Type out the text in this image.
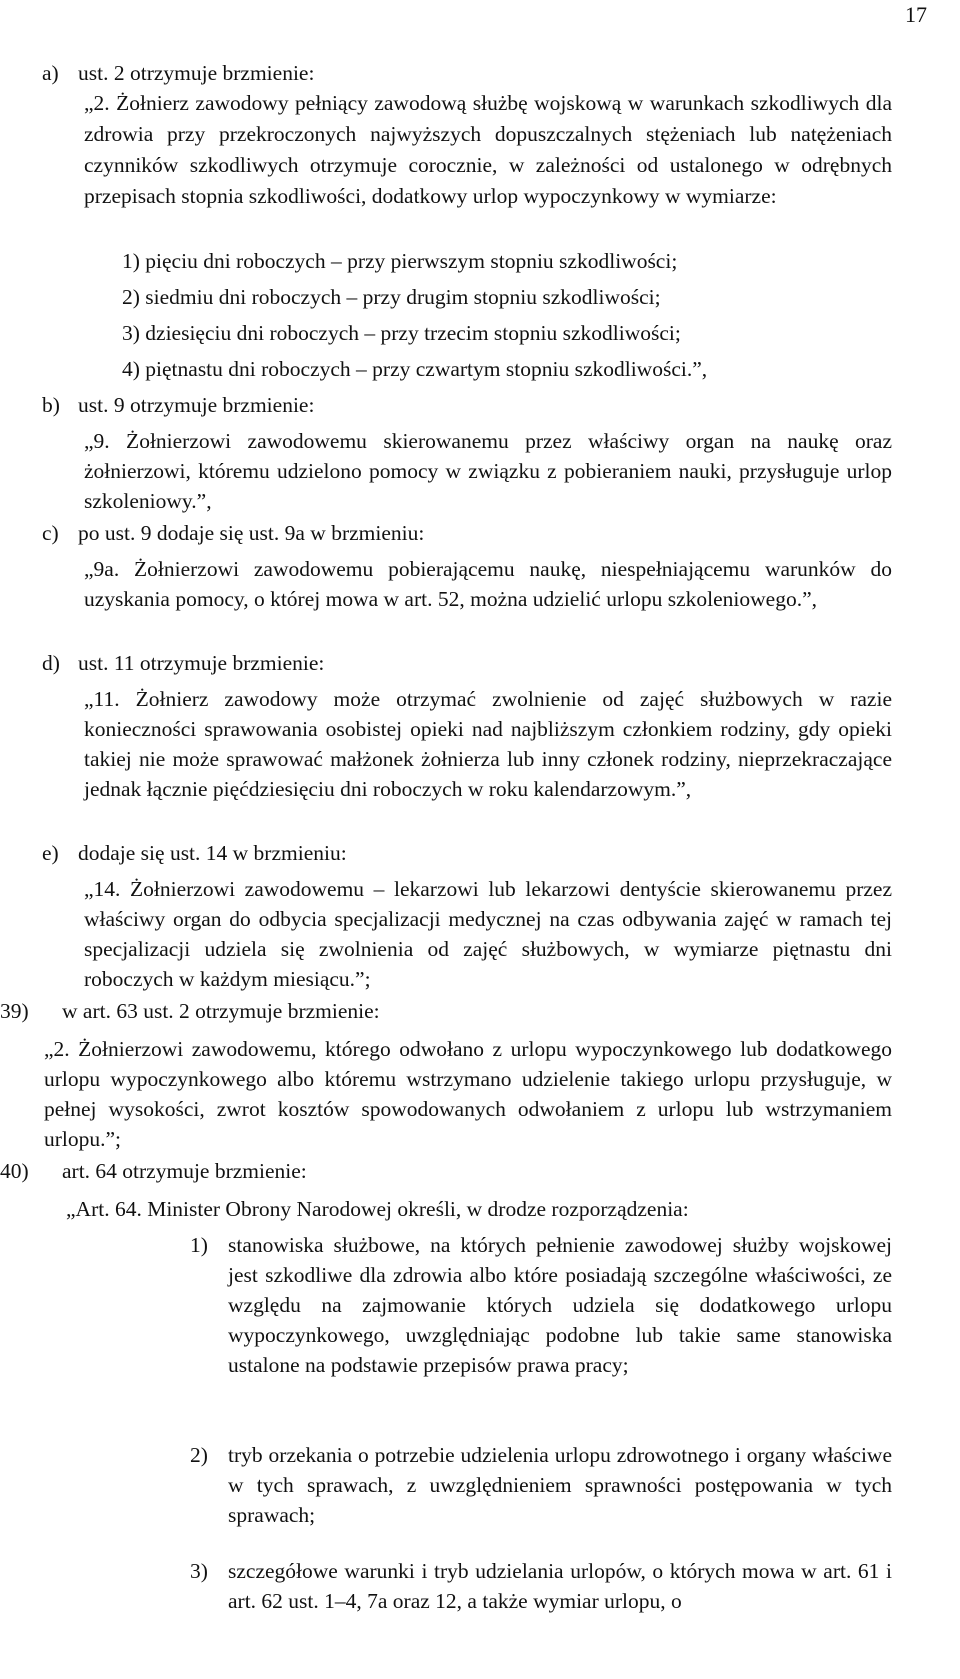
17
a) ust. 2 otrzymuje brzmienie:

„2. Żołnierz zawodowy pełniący zawodową służbę wojskową w warunkach szkodliwych dla zdrowia przy przekroczonych najwyższych dopuszczalnych stężeniach lub natężeniach czynników szkodliwych otrzymuje corocznie, w zależności od ustalonego w odrębnych przepisach stopnia szkodliwości, dodatkowy urlop wypoczynkowy w wymiarze:

1) pięciu dni roboczych – przy pierwszym stopniu szkodliwości;
2) siedmiu dni roboczych – przy drugim stopniu szkodliwości;
3) dziesięciu dni roboczych – przy trzecim stopniu szkodliwości;
4) piętnastu dni roboczych – przy czwartym stopniu szkodliwości.”,
b) ust. 9 otrzymuje brzmienie:

„9. Żołnierzowi zawodowemu skierowanemu przez właściwy organ na naukę oraz żołnierzowi, któremu udzielono pomocy w związku z pobieraniem nauki, przysługuje urlop szkoleniowy.”,

c) po ust. 9 dodaje się ust. 9a w brzmieniu:

„9a. Żołnierzowi zawodowemu pobierającemu naukę, niespełniającemu warunków do uzyskania pomocy, o której mowa w art. 52, można udzielić urlopu szkoleniowego.”,

d) ust. 11 otrzymuje brzmienie:

„11. Żołnierz zawodowy może otrzymać zwolnienie od zajęć służbowych w razie konieczności sprawowania osobistej opieki nad najbliższym członkiem rodziny, gdy opieki takiej nie może sprawować małżonek żołnierza lub inny członek rodziny, nieprzekraczające jednak łącznie pięćdziesięciu dni roboczych w roku kalendarzowym.”,

e) dodaje się ust. 14 w brzmieniu:

„14. Żołnierzowi zawodowemu – lekarzowi lub lekarzowi dentyście skierowanemu przez właściwy organ do odbycia specjalizacji medycznej na czas odbywania zajęć w ramach tej specjalizacji udziela się zwolnienia od zajęć służbowych, w wymiarze piętnastu dni roboczych w każdym miesiącu.”;

39) w art. 63 ust. 2 otrzymuje brzmienie:

„2. Żołnierzowi zawodowemu, którego odwołano z urlopu wypoczynkowego lub dodatkowego urlopu wypoczynkowego albo któremu wstrzymano udzielenie takiego urlopu przysługuje, w pełnej wysokości, zwrot kosztów spowodowanych odwołaniem z urlopu lub wstrzymaniem urlopu.”;

40) art. 64 otrzymuje brzmienie:
„Art. 64. Minister Obrony Narodowej określi, w drodze rozporządzenia:
1) stanowiska służbowe, na których pełnienie zawodowej służby wojskowej jest szkodliwe dla zdrowia albo które posiadają szczególne właściwości, ze względu na zajmowanie których udziela się dodatkowego urlopu wypoczynkowego, uwzględniając podobne lub takie same stanowiska ustalone na podstawie przepisów prawa pracy;

2) tryb orzekania o potrzebie udzielenia urlopu zdrowotnego i organy właściwe w tych sprawach, z uwzględnieniem sprawności postępowania w tych sprawach;

3) szczegółowe warunki i tryb udzielania urlopów, o których mowa w art. 61 i art. 62 ust. 1–4, 7a oraz 12, a także wymiar urlopu, o
